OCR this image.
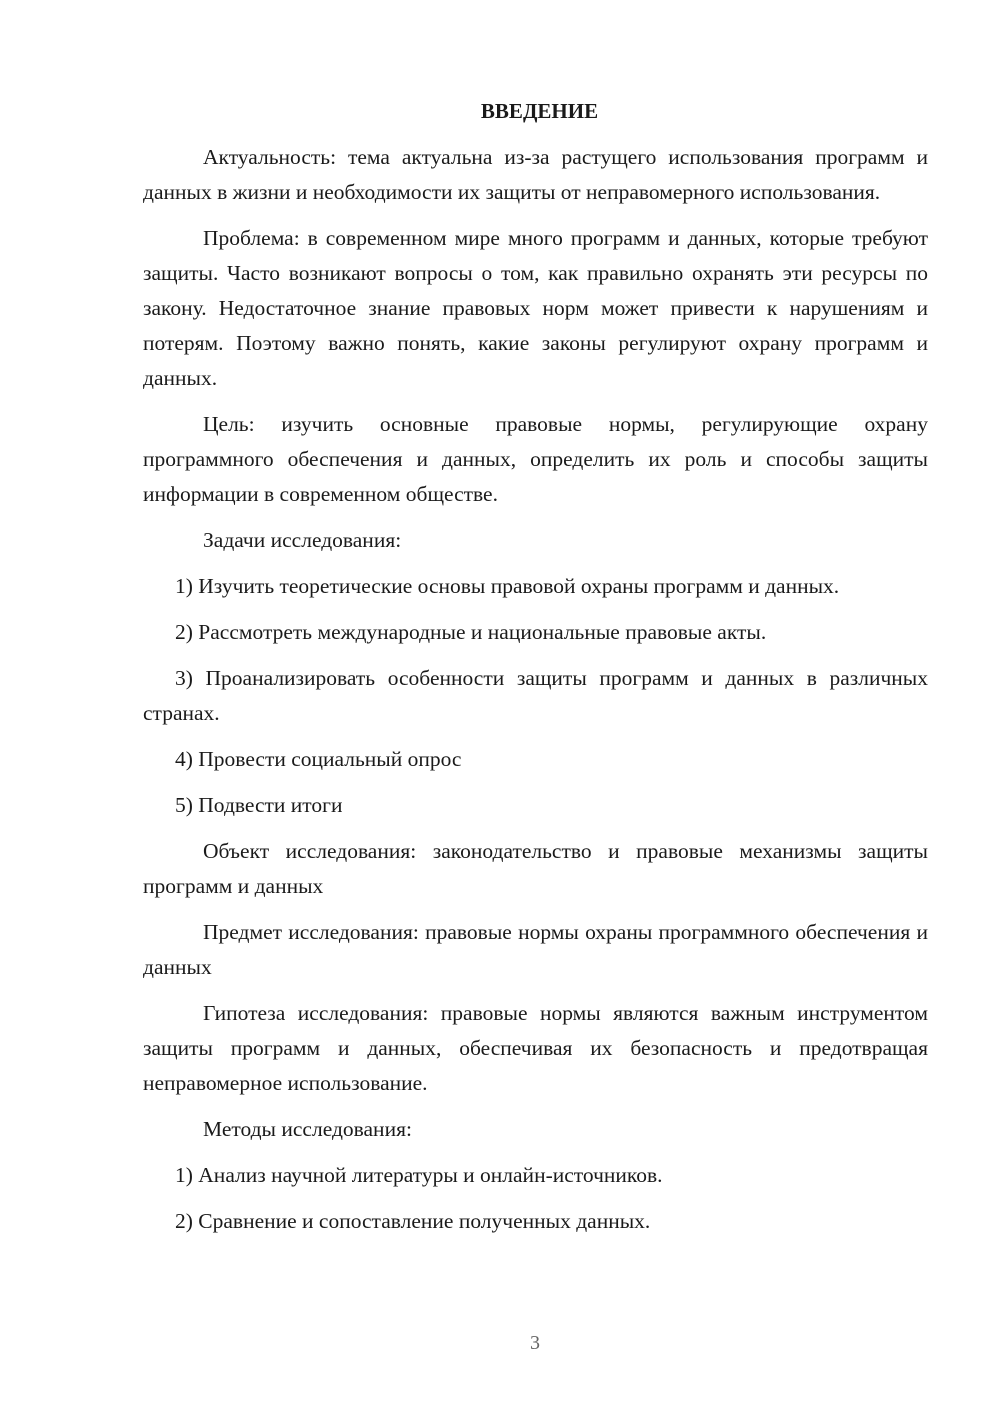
ВВЕДЕНИЕ

Актуальность: тема актуальна из-за растущего использования программ и данных в жизни и необходимости их защиты от неправомерного использования.

Проблема: в современном мире много программ и данных, которые требуют защиты. Часто возникают вопросы о том, как правильно охранять эти ресурсы по закону. Недостаточное знание правовых норм может привести к нарушениям и потерям. Поэтому важно понять, какие законы регулируют охрану программ и данных.

Цель: изучить основные правовые нормы, регулирующие охрану программного обеспечения и данных, определить их роль и способы защиты информации в современном обществе.

Задачи исследования:

1) Изучить теоретические основы правовой охраны программ и данных.

2) Рассмотреть международные и национальные правовые акты.

3) Проанализировать особенности защиты программ и данных в различных странах.

4) Провести социальный опрос

5) Подвести итоги

Объект исследования: законодательство и правовые механизмы защиты программ и данных

Предмет исследования: правовые нормы охраны программного обеспечения и данных

Гипотеза исследования: правовые нормы являются важным инструментом защиты программ и данных, обеспечивая их безопасность и предотвращая неправомерное использование.

Методы исследования:

1) Анализ научной литературы и онлайн-источников.

2) Сравнение и сопоставление полученных данных.

3
